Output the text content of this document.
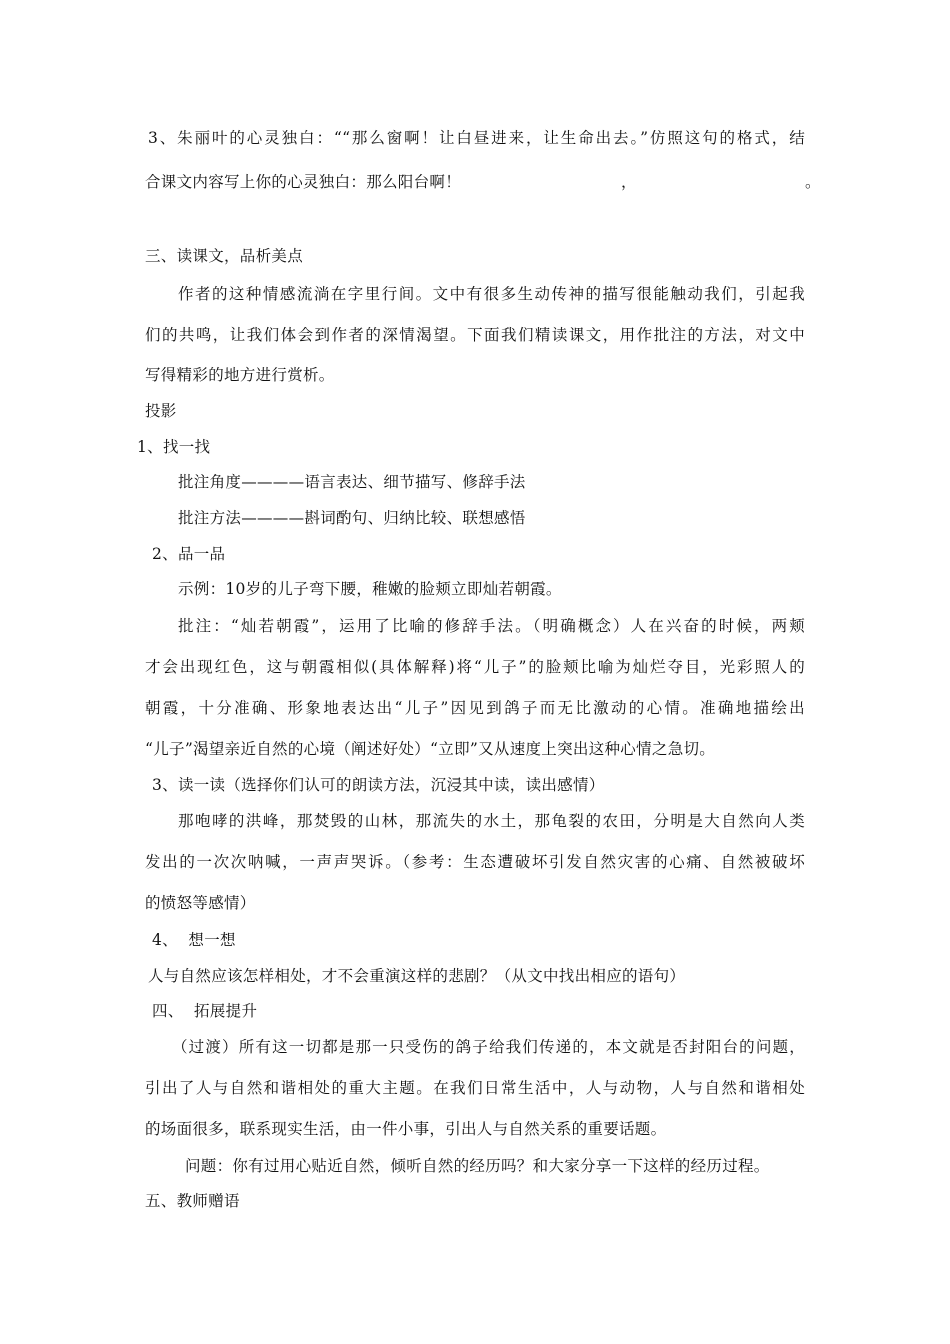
3、朱丽叶的心灵独白：““那么窗啊！让白昼进来，让生命出去。”仿照这句的格式，结
合课文内容写上你的心灵独白：那么阳台啊！	，	。
三、读课文，品析美点
作者的这种情感流淌在字里行间。文中有很多生动传神的描写很能触动我们，引起我
们的共鸣，让我们体会到作者的深情渴望。下面我们精读课文，用作批注的方法，对文中
写得精彩的地方进行赏析。
投影
1、找一找
批注角度————语言表达、细节描写、修辞手法
批注方法————斟词酌句、归纳比较、联想感悟
2、品一品
示例：10岁的儿子弯下腰，稚嫩的脸颊立即灿若朝霞。
批注：“灿若朝霞”，运用了比喻的修辞手法。（明确概念）人在兴奋的时候，两颊
才会出现红色，这与朝霞相似(具体解释)将“儿子”的脸颊比喻为灿烂夺目，光彩照人的
朝霞，十分准确、形象地表达出“儿子”因见到鸽子而无比激动的心情。准确地描绘出
“儿子”渴望亲近自然的心境（阐述好处）“立即”又从速度上突出这种心情之急切。
3、读一读（选择你们认可的朗读方法，沉浸其中读，读出感情）
那咆哮的洪峰，那焚毁的山林，那流失的水土，那龟裂的农田，分明是大自然向人类
发出的一次次呐喊，一声声哭诉。（参考：生态遭破坏引发自然灾害的心痛、自然被破坏
的愤怒等感情）
4、  想一想
人与自然应该怎样相处，才不会重演这样的悲剧？（从文中找出相应的语句）
四、  拓展提升
（过渡）所有这一切都是那一只受伤的鸽子给我们传递的，本文就是否封阳台的问题，
引出了人与自然和谐相处的重大主题。在我们日常生活中，人与动物，人与自然和谐相处
的场面很多，联系现实生活，由一件小事，引出人与自然关系的重要话题。
问题：你有过用心贴近自然，倾听自然的经历吗？和大家分享一下这样的经历过程。
五、教师赠语
